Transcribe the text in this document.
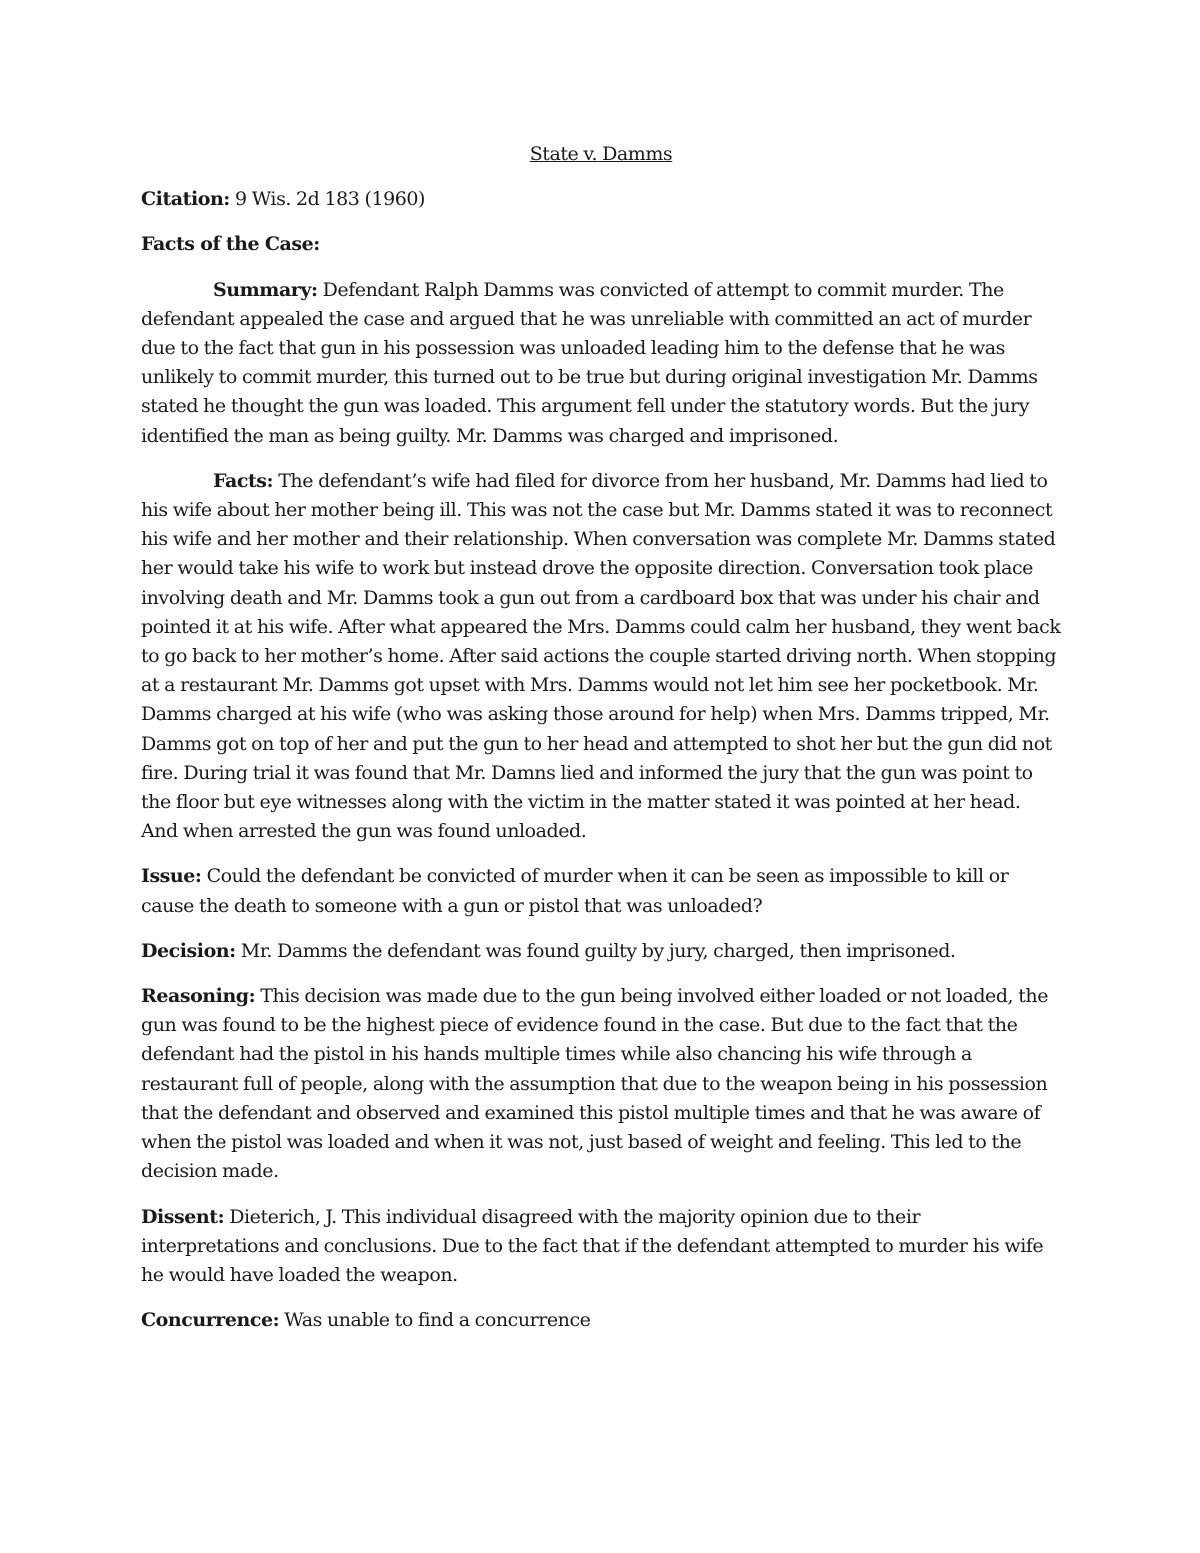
State v. Damms
Citation: 9 Wis. 2d 183 (1960)
Facts of the Case:
Summary: Defendant Ralph Damms was convicted of attempt to commit murder. The defendant appealed the case and argued that he was unreliable with committed an act of murder due to the fact that gun in his possession was unloaded leading him to the defense that he was unlikely to commit murder, this turned out to be true but during original investigation Mr. Damms stated he thought the gun was loaded. This argument fell under the statutory words. But the jury identified the man as being guilty. Mr. Damms was charged and imprisoned.
Facts: The defendant’s wife had filed for divorce from her husband, Mr. Damms had lied to his wife about her mother being ill. This was not the case but Mr. Damms stated it was to reconnect his wife and her mother and their relationship. When conversation was complete Mr. Damms stated her would take his wife to work but instead drove the opposite direction. Conversation took place involving death and Mr. Damms took a gun out from a cardboard box that was under his chair and pointed it at his wife. After what appeared the Mrs. Damms could calm her husband, they went back to go back to her mother’s home. After said actions the couple started driving north. When stopping at a restaurant Mr. Damms got upset with Mrs. Damms would not let him see her pocketbook. Mr. Damms charged at his wife (who was asking those around for help) when Mrs. Damms tripped, Mr. Damms got on top of her and put the gun to her head and attempted to shot her but the gun did not fire. During trial it was found that Mr. Damns lied and informed the jury that the gun was point to the floor but eye witnesses along with the victim in the matter stated it was pointed at her head. And when arrested the gun was found unloaded.
Issue: Could the defendant be convicted of murder when it can be seen as impossible to kill or cause the death to someone with a gun or pistol that was unloaded?
Decision: Mr. Damms the defendant was found guilty by jury, charged, then imprisoned.
Reasoning: This decision was made due to the gun being involved either loaded or not loaded, the gun was found to be the highest piece of evidence found in the case. But due to the fact that the defendant had the pistol in his hands multiple times while also chancing his wife through a restaurant full of people, along with the assumption that due to the weapon being in his possession that the defendant and observed and examined this pistol multiple times and that he was aware of when the pistol was loaded and when it was not, just based of weight and feeling. This led to the decision made.
Dissent: Dieterich, J. This individual disagreed with the majority opinion due to their interpretations and conclusions. Due to the fact that if the defendant attempted to murder his wife he would have loaded the weapon.
Concurrence: Was unable to find a concurrence
